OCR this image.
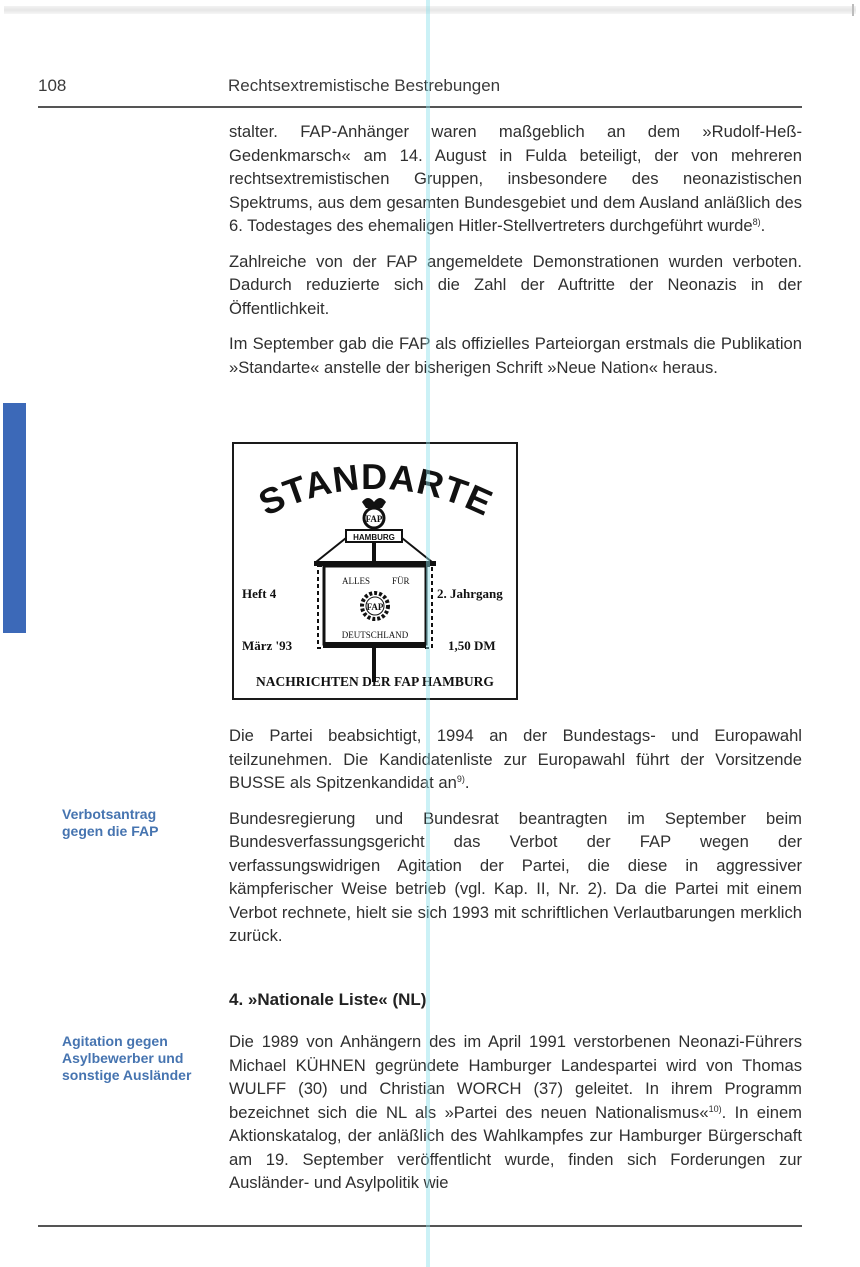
108	Rechtsextremistische Bestrebungen

stalter. FAP-Anhänger waren maßgeblich an dem »Rudolf-Heß-Gedenkmarsch« am 14. August in Fulda beteiligt, der von mehreren rechtsextremistischen Gruppen, insbesondere des neonazistischen Spektrums, aus dem gesamten Bundesgebiet und dem Ausland anläßlich des 6. Todestages des ehemaligen Hitler-Stellvertreters durchgeführt wurde$^{8)}$.

Zahlreiche von der FAP angemeldete Demonstrationen wurden verboten. Dadurch reduzierte sich die Zahl der Auftritte der Neonazis in der Öffentlichkeit.

Im September gab die FAP als offizielles Parteiorgan erstmals die Publikation »Standarte« anstelle der bisherigen Schrift »Neue Nation« heraus.

STANDARTE
FAP
HAMBURG
FAP
ALLES FÜR
DEUTSCHLAND
Heft 4	2. Jahrgang
März '93	1,50 DM
NACHRICHTEN DER FAP HAMBURG

Die Partei beabsichtigt, 1994 an der Bundestags- und Europawahl teilzunehmen. Die Kandidatenliste zur Europawahl führt der Vorsitzende BUSSE als Spitzenkandidat $an^{9)}$.

Bundesregierung und Bundesrat beantragten im September beim Bundesverfassungsgericht das Verbot der FAP wegen der verfassungswidrigen Agitation der Partei, die diese in aggressiver kämpferischer Weise betrieb (vgl. Kap. II, Nr. 2). Da die Partei mit einem Verbot rechnete, hielt sie sich 1993 mit schriftlichen Verlautbarungen merklich zurück.

Verbotsantrag
gegen die FAP
4. »Nationale Liste« (NL)
Agitation gegen
Asylbewerber und
sonstige Ausländer

Die 1989 von Anhängern des im April 1991 verstorbenen Neonazi-Führers Michael KÜHNEN gegründete Hamburger Landespartei wird von Thomas WULFF (30) und Christian WORCH (37) geleitet. In ihrem Programm bezeichnet sich die NL als »Partei des neuen Nationalismus«$^{10)}$. In einem Aktionskatalog, der anläßlich des Wahlkampfes zur Hamburger Bürgerschaft am 19. September veröffentlicht wurde, finden sich Forderungen zur Ausländer- und Asylpolitik wie
